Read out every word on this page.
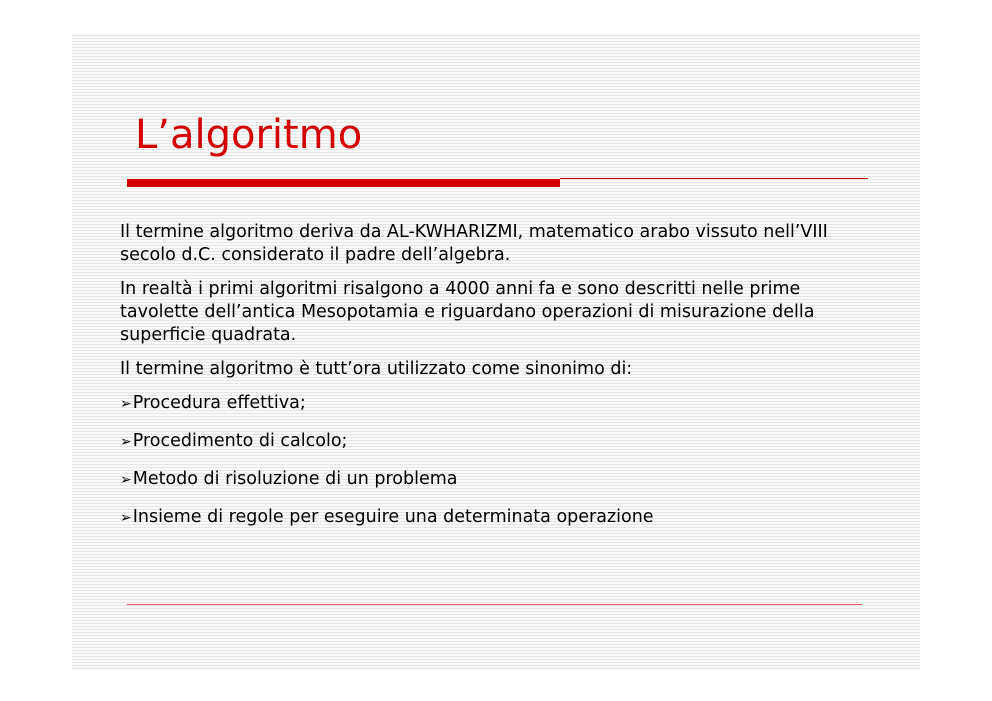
L’algoritmo

Il termine algoritmo deriva da AL-KWHARIZMI, matematico arabo vissuto nell’VIII secolo d.C. considerato il padre dell’algebra.

In realtà i primi algoritmi risalgono a 4000 anni fa e sono descritti nelle prime tavolette dell’antica Mesopotamia e riguardano operazioni di misurazione della superficie quadrata.

Il termine algoritmo è tutt’ora utilizzato come sinonimo di:

➢Procedura effettiva;

➢Procedimento di calcolo;

➢Metodo di risoluzione di un problema

➢Insieme di regole per eseguire una determinata operazione
